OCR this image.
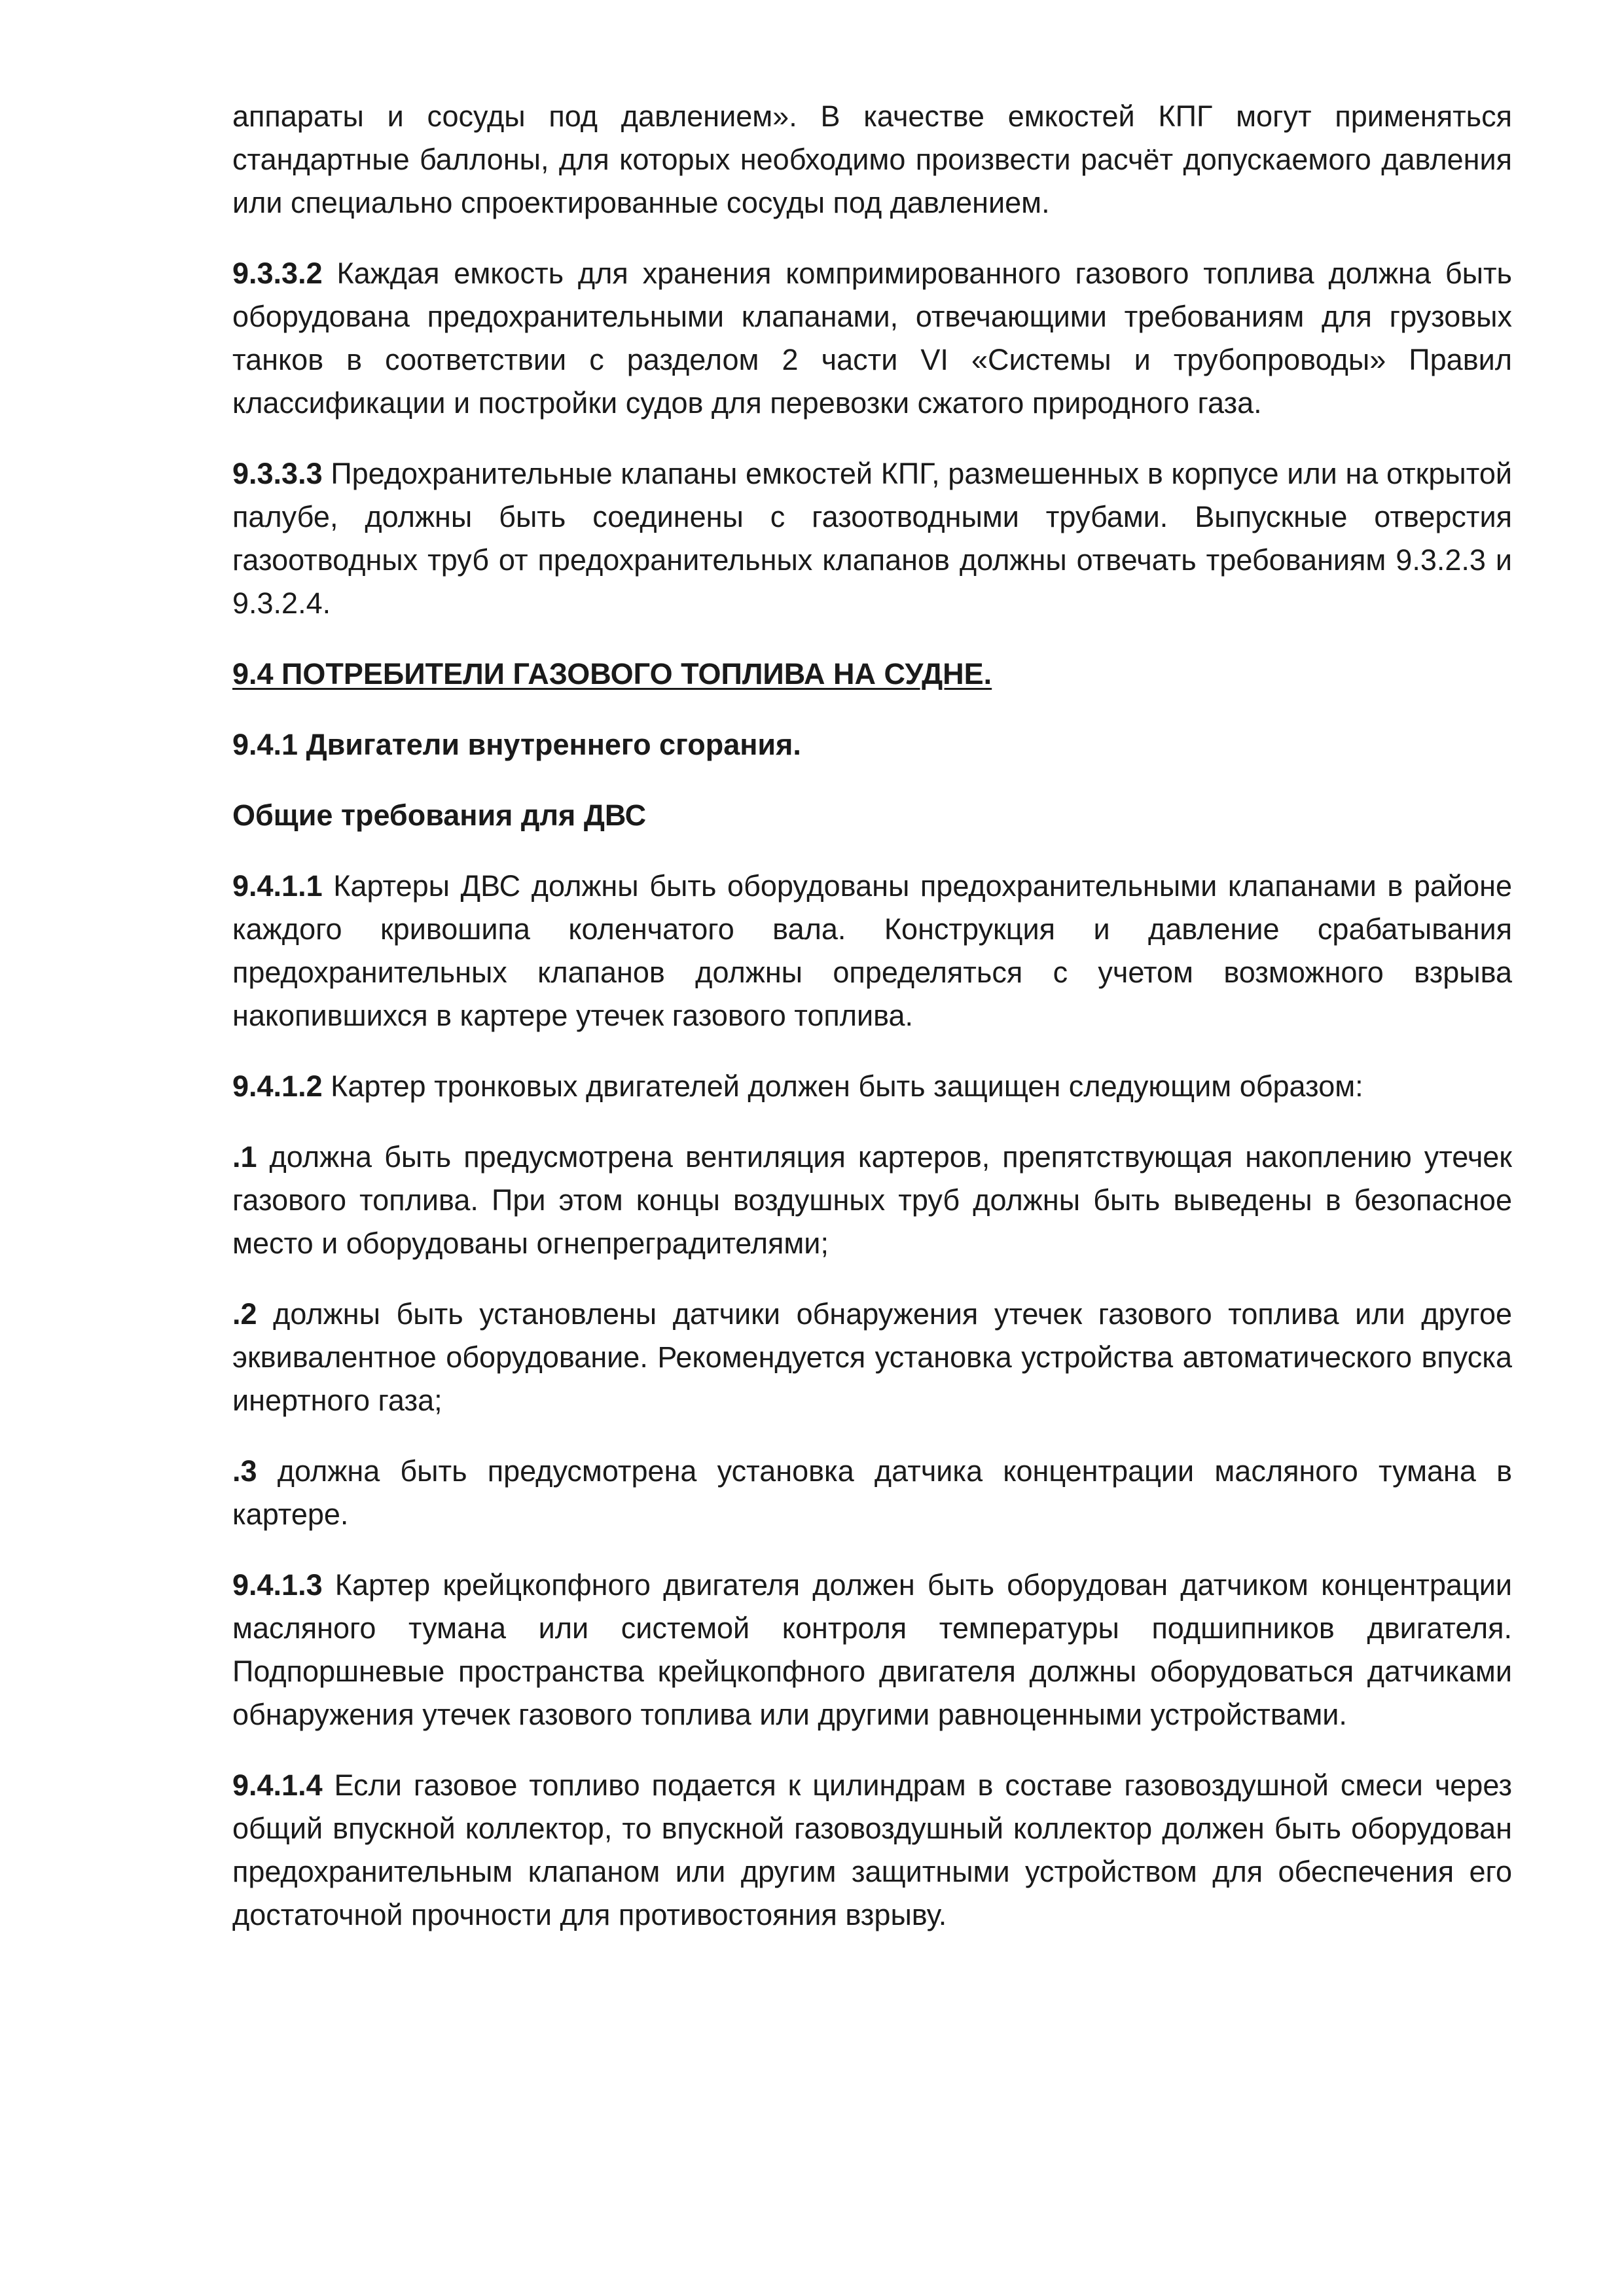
аппараты и сосуды под давлением». В качестве емкостей КПГ могут применяться стандартные баллоны, для которых необходимо произвести расчёт допускаемого давления или специально спроектированные сосуды под давлением.

9.3.3.2 Каждая емкость для хранения компримированного газового топлива должна быть оборудована предохранительными клапанами, отвечающими требованиям для грузовых танков в соответствии с разделом 2 части VI «Системы и трубопроводы» Правил классификации и постройки судов для перевозки сжатого природного газа.

9.3.3.3 Предохранительные клапаны емкостей КПГ, размешенных в корпусе или на открытой палубе, должны быть соединены с газоотводными трубами. Выпускные отверстия газоотводных труб от предохранительных клапанов должны отвечать требованиям 9.3.2.3 и 9.3.2.4.

9.4 ПОТРЕБИТЕЛИ ГАЗОВОГО ТОПЛИВА НА СУДНЕ.
9.4.1 Двигатели внутреннего сгорания.
Общие требования для ДВС

9.4.1.1 Картеры ДВС должны быть оборудованы предохранительными клапанами в районе каждого кривошипа коленчатого вала. Конструкция и давление срабатывания предохранительных клапанов должны определяться с учетом возможного взрыва накопившихся в картере утечек газового топлива.

9.4.1.2 Картер тронковых двигателей должен быть защищен следующим образом:

.1 должна быть предусмотрена вентиляция картеров, препятствующая накоплению утечек газового топлива. При этом концы воздушных труб должны быть выведены в безопасное место и оборудованы огнепреградителями;

.2 должны быть установлены датчики обнаружения утечек газового топлива или другое эквивалентное оборудование. Рекомендуется установка устройства автоматического впуска инертного газа;

.3 должна быть предусмотрена установка датчика концентрации масляного тумана в картере.

9.4.1.3 Картер крейцкопфного двигателя должен быть оборудован датчиком концентрации масляного тумана или системой контроля температуры подшипников двигателя. Подпоршневые пространства крейцкопфного двигателя должны оборудоваться датчиками обнаружения утечек газового топлива или другими равноценными устройствами.

9.4.1.4 Если газовое топливо подается к цилиндрам в составе газовоздушной смеси через общий впускной коллектор, то впускной газовоздушный коллектор должен быть оборудован предохранительным клапаном или другим защитными устройством для обеспечения его достаточной прочности для противостояния взрыву.
